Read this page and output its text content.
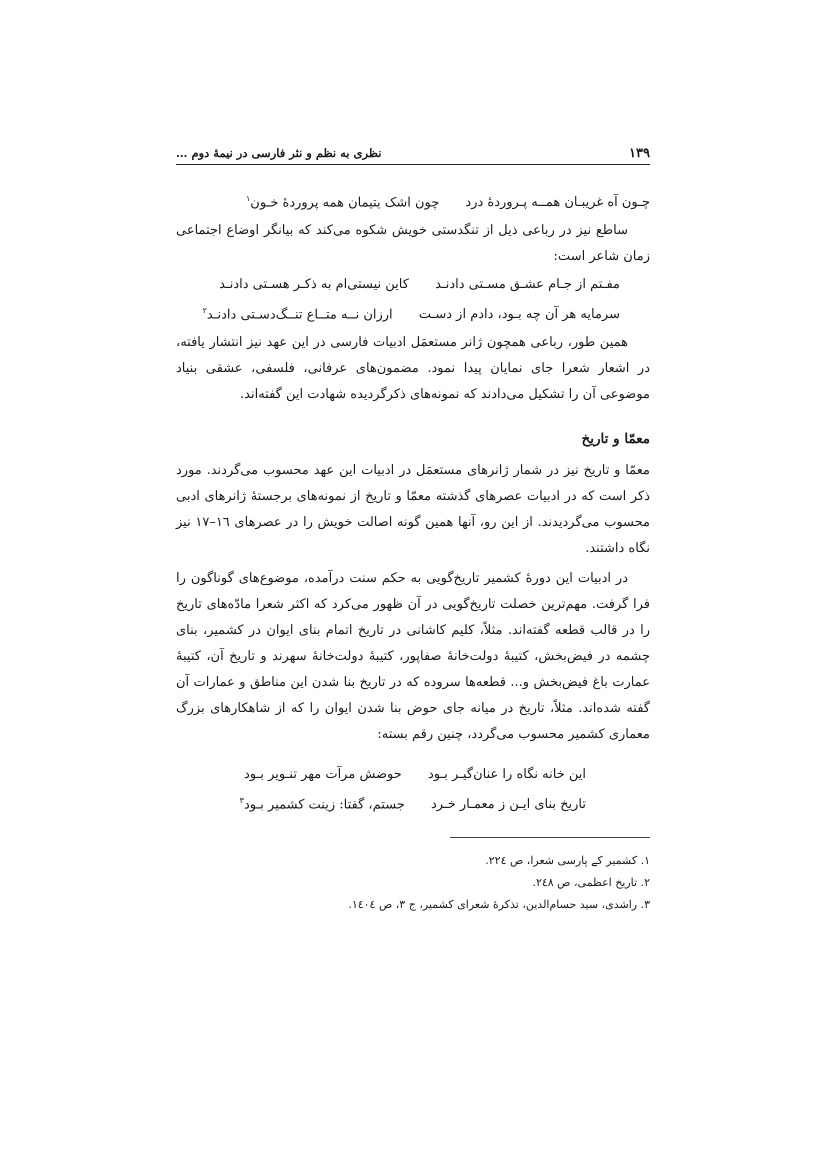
۱۳۹
نظری به نظم و نثر فارسی در نیمهٔ دوم …
چـون آه غریبـان همــه پـروردهٔ درد چون اشک یتیمان همه پروردهٔ خـون$^۱$

ساطع نیز در رباعی ذیل از تنگدستی خویش شکوه می‌کند که بیانگر اوضاع اجتماعی زمان شاعر است:

مفـتم از جـام عشـق مسـتی دادنـد کاین نیستی‌ام به ذکـر هسـتی دادنـد
سرمایه هر آن چه بـود، دادم از دسـت ارزان نــه متــاع تنــگ‌دسـتی دادنـد$^۲$

همین طور، رباعی همچون ژانر مستعمَل ادبیات فارسی در این عهد نیز انتشار یافته، در اشعار شعرا جای نمایان پیدا نمود. مضمون‌های عرفانی، فلسفی، عشقی بنیاد موضوعی آن را تشکیل می‌دادند که نمونه‌های ذکرگردیده شهادت این گفته‌اند.

معمّا و تاریخ

معمّا و تاریخ نیز در شمار ژانرهای مستعمَل در ادبیات این عهد محسوب می‌گردند. مورد ذکر است که در ادبیات عصرهای گذشته معمّا و تاریخ از نمونه‌های برجستهٔ ژانرهای ادبی محسوب می‌گردیدند. از این رو، آنها همین گونه اصالت خویش را در عصرهای ۱٦–۱۷ نیز نگاه داشتند.

در ادبیات این دورهٔ کشمیر تاریخ‌گویی به حکم سنت درآمده، موضوع‌های گوناگون را فرا گرفت. مهم‌ترین خصلت تاریخ‌گویی در آن ظهور می‌کرد که اکثر شعرا مادّه‌های تاریخ را در قالب قطعه گفته‌اند. مثلاً، کلیم کاشانی در تاریخ اتمام بنای ایوان در کشمیر، بنای چشمه در فیض‌بخش، کتیبهٔ دولت‌خانهٔ صفاپور، کتیبهٔ دولت‌خانهٔ سهرند و تاریخ آن، کتیبهٔ عمارت باغ فیض‌بخش و... قطعه‌ها سروده که در تاریخ بنا شدن این مناطق و عمارات آن گفته شده‌اند. مثلاً، تاریخ در میانه جای حوض بنا شدن ایوان را که از شاهکارهای بزرگ معماری کشمیر محسوب می‌گردد، چنین رقم بسته:

این خانه نگاه را عنان‌گیـر بـود حوضش مرآت مهر تنـویر بـود
تاریخ بنای ایـن ز معمـار خـرد جستم، گفتا: زینت کشمیر بـود$^۳$
۱. کشمیر کے پارسی شعرا، ص ۲۲٤.
۲. تاریخ اعظمی، ص ۲٤۸.
۳. راشدی، سید حسام‌الدین، تذکرهٔ شعرای کشمیر، ج ۳، ص ۱٤۰٤.
